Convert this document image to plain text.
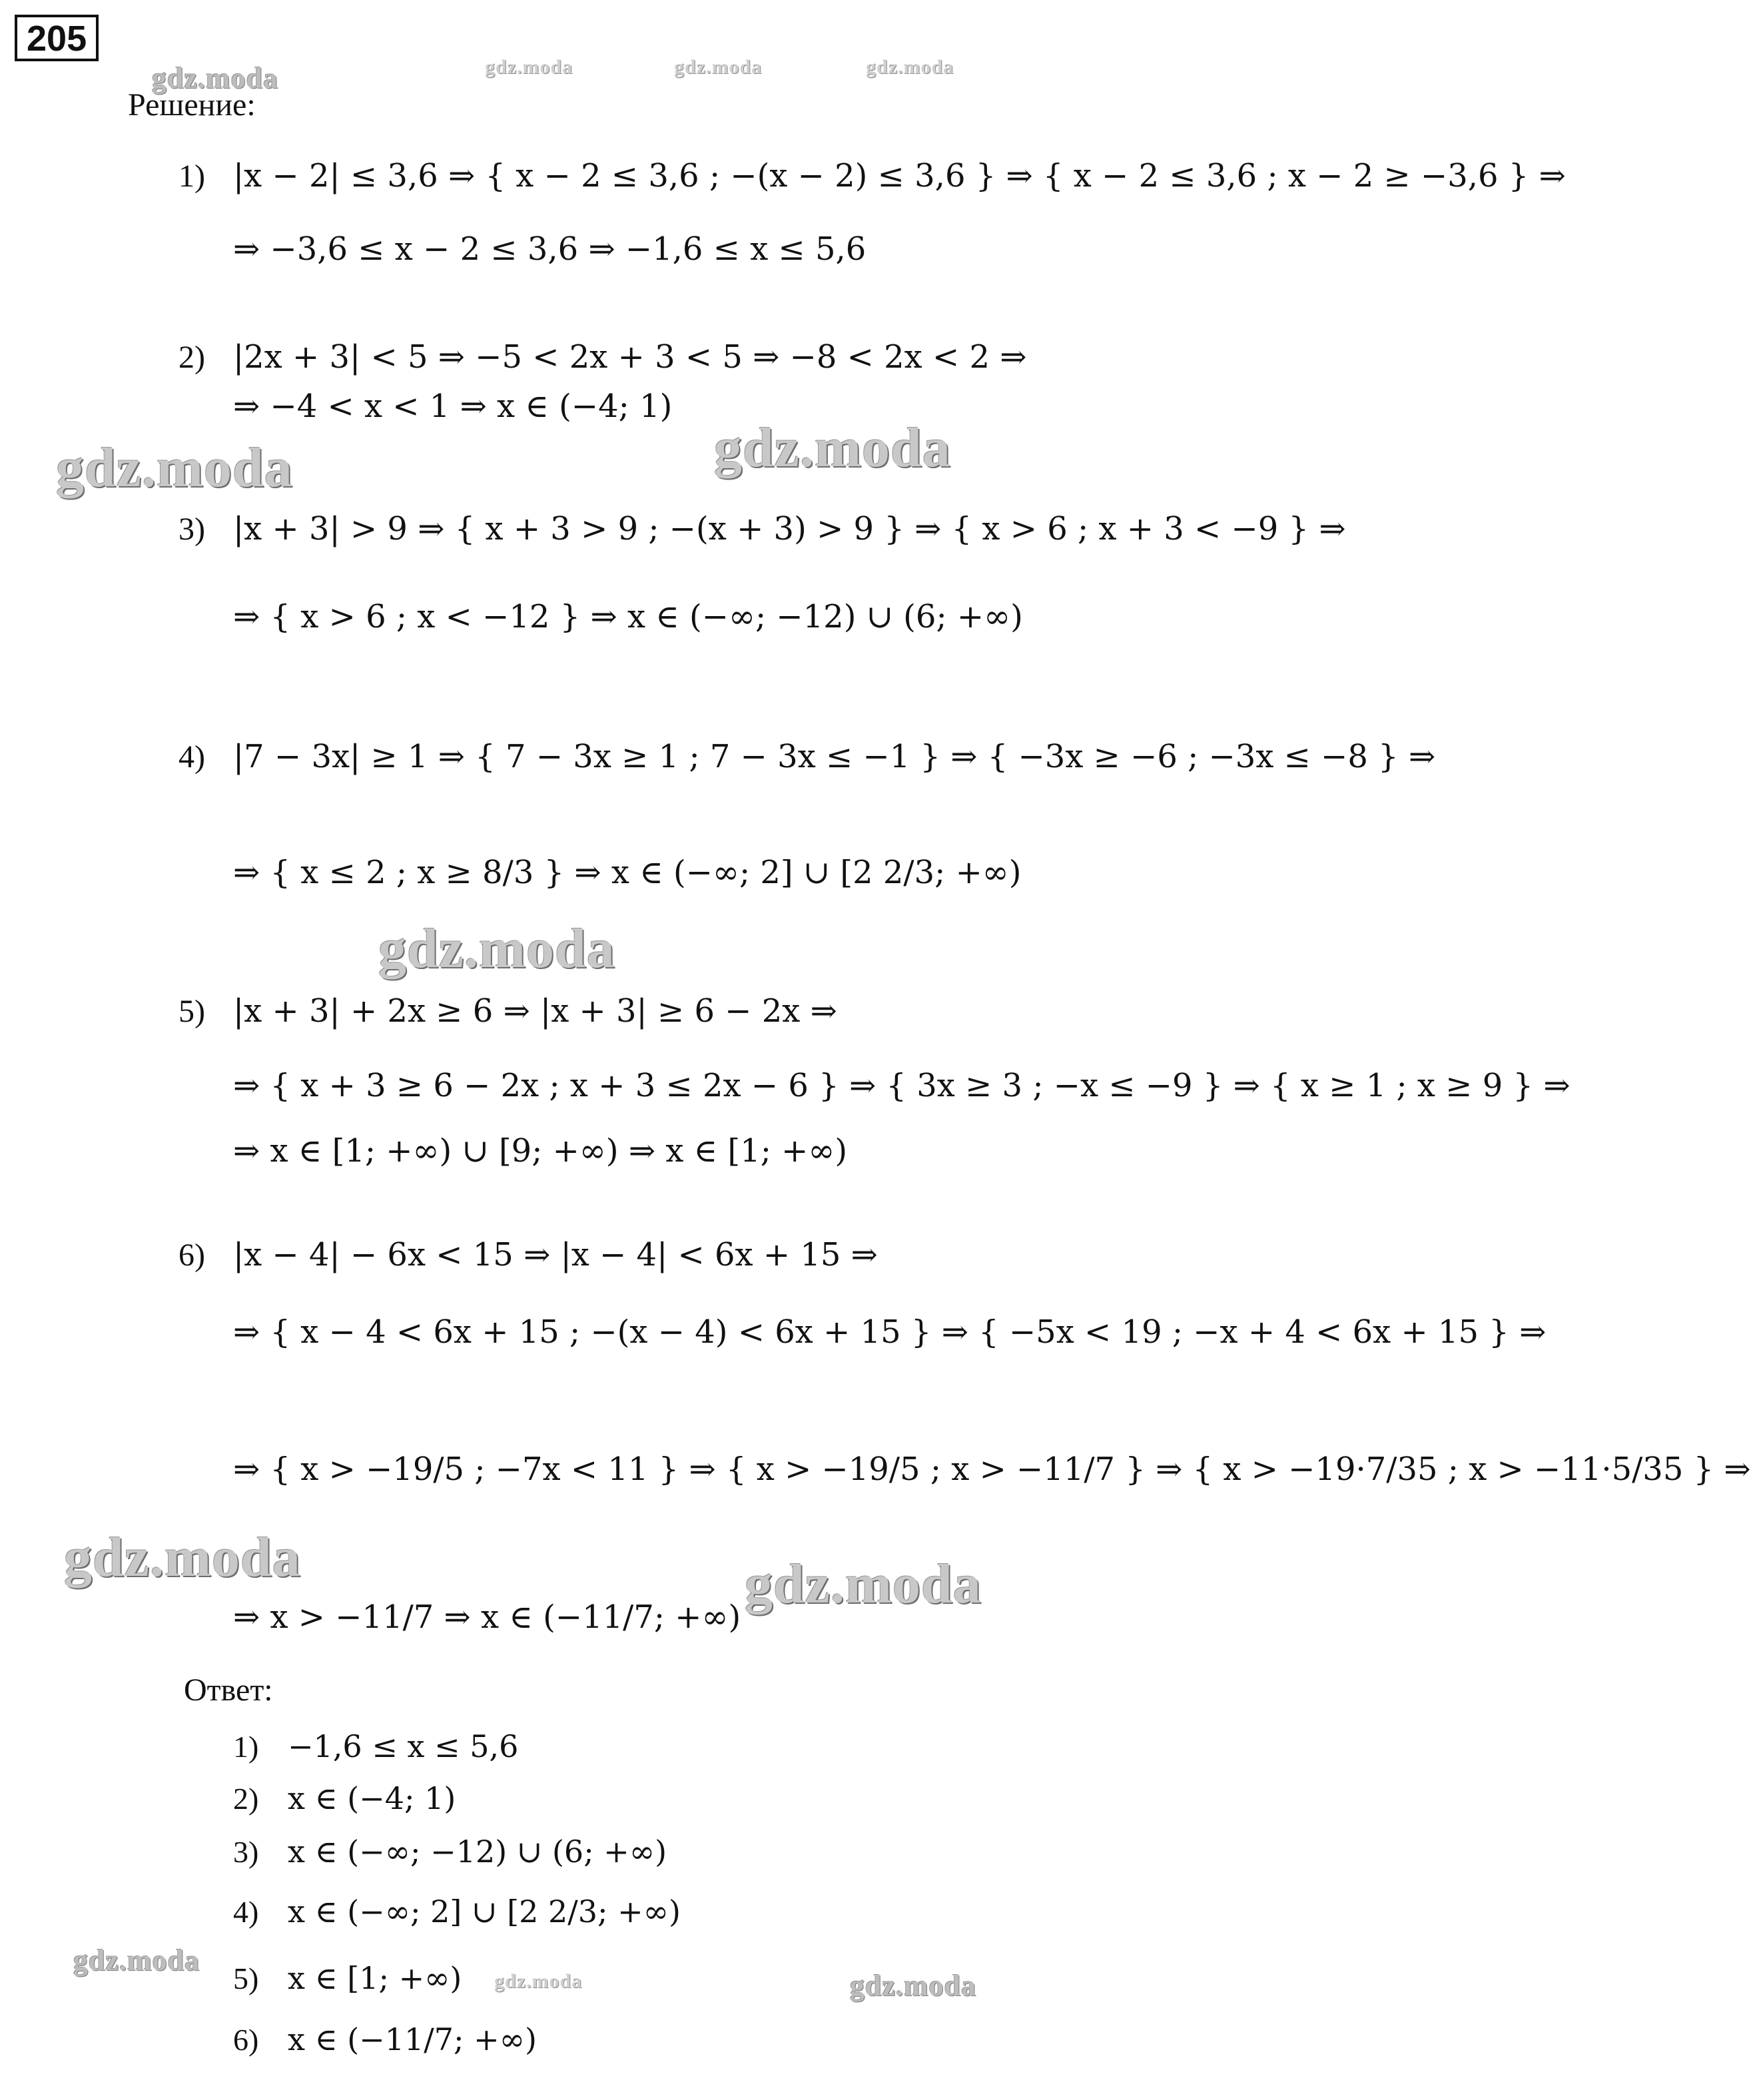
205
gdz.moda	gdz.moda	gdz.moda	gdz.moda
gdz.moda	gdz.moda
gdz.moda
gdz.moda	gdz.moda
gdz.moda
gdz.moda	gdz.moda
Решение:
1) |x − 2| ≤ 3,6 ⇒ { x − 2 ≤ 3,6 ; −(x − 2) ≤ 3,6 } ⇒ { x − 2 ≤ 3,6 ; x − 2 ≥ −3,6 } ⇒
⇒ −3,6 ≤ x − 2 ≤ 3,6 ⇒ −1,6 ≤ x ≤ 5,6
2) |2x + 3| < 5 ⇒ −5 < 2x + 3 < 5 ⇒ −8 < 2x < 2 ⇒
⇒ −4 < x < 1 ⇒ x ∈ (−4; 1)
3) |x + 3| > 9 ⇒ { x + 3 > 9 ; −(x + 3) > 9 } ⇒ { x > 6 ; x + 3 < −9 } ⇒
⇒ { x > 6 ; x < −12 } ⇒ x ∈ (−∞; −12) ∪ (6; +∞)
4) |7 − 3x| ≥ 1 ⇒ { 7 − 3x ≥ 1 ; 7 − 3x ≤ −1 } ⇒ { −3x ≥ −6 ; −3x ≤ −8 } ⇒
⇒ { x ≤ 2 ; x ≥ 8/3 } ⇒ x ∈ (−∞; 2] ∪ [2 2/3; +∞)
5) |x + 3| + 2x ≥ 6 ⇒ |x + 3| ≥ 6 − 2x ⇒
⇒ { x + 3 ≥ 6 − 2x ; x + 3 ≤ 2x − 6 } ⇒ { 3x ≥ 3 ; −x ≤ −9 } ⇒ { x ≥ 1 ; x ≥ 9 } ⇒
⇒ x ∈ [1; +∞) ∪ [9; +∞) ⇒ x ∈ [1; +∞)
6) |x − 4| − 6x < 15 ⇒ |x − 4| < 6x + 15 ⇒
⇒ { x − 4 < 6x + 15 ; −(x − 4) < 6x + 15 } ⇒ { −5x < 19 ; −x + 4 < 6x + 15 } ⇒
⇒ { x > −19/5 ; −7x < 11 } ⇒ { x > −19/5 ; x > −11/7 } ⇒ { x > −19·7/35 ; x > −11·5/35 } ⇒
⇒ x > −11/7 ⇒ x ∈ (−11/7; +∞)
Ответ:
1) −1,6 ≤ x ≤ 5,6
2) x ∈ (−4; 1)
3) x ∈ (−∞; −12) ∪ (6; +∞)
4) x ∈ (−∞; 2] ∪ [2 2/3; +∞)
5) x ∈ [1; +∞)
6) x ∈ (−11/7; +∞)
